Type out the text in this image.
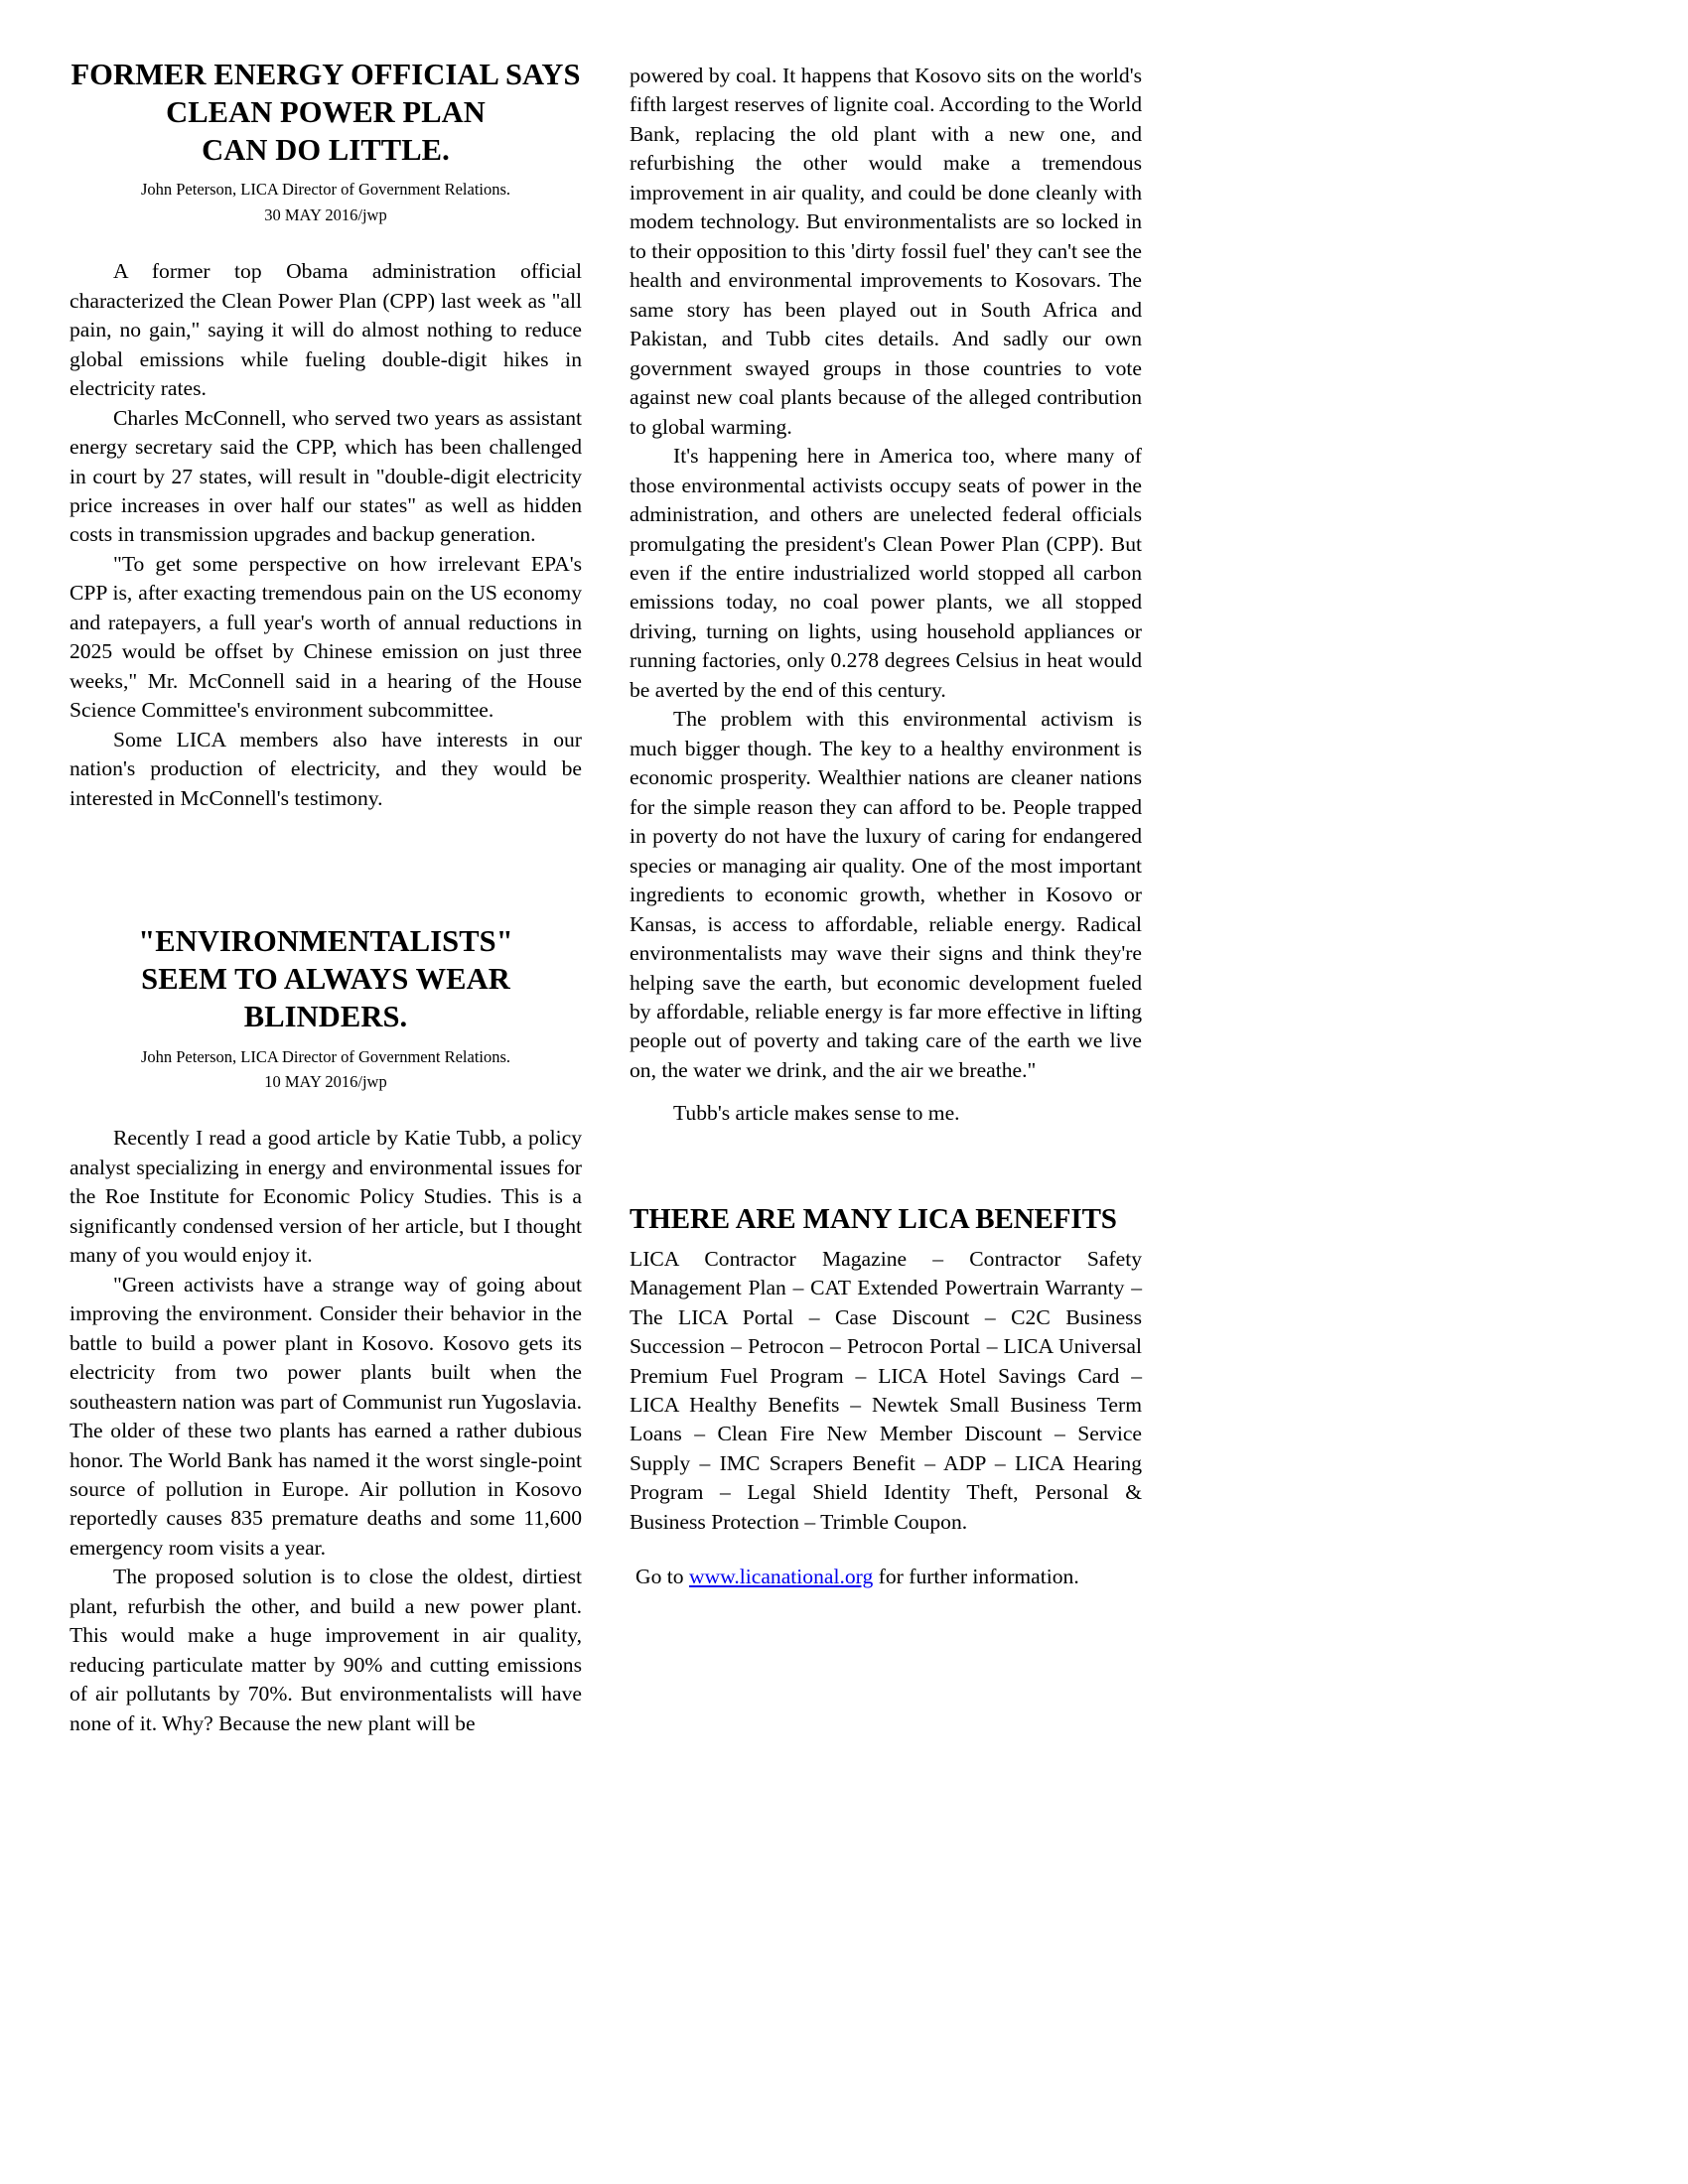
FORMER ENERGY OFFICIAL SAYS
CLEAN POWER PLAN
CAN DO LITTLE.
John Peterson, LICA Director of Government Relations.
30 MAY 2016/jwp

A former top Obama administration official characterized the Clean Power Plan (CPP) last week as "all pain, no gain," saying it will do almost nothing to reduce global emissions while fueling double-digit hikes in electricity rates.

Charles McConnell, who served two years as assistant energy secretary said the CPP, which has been challenged in court by 27 states, will result in "double-digit electricity price increases in over half our states" as well as hidden costs in transmission upgrades and backup generation.

"To get some perspective on how irrelevant EPA's CPP is, after exacting tremendous pain on the US economy and ratepayers, a full year's worth of annual reductions in 2025 would be offset by Chinese emission on just three weeks," Mr. McConnell said in a hearing of the House Science Committee's environment subcommittee.

Some LICA members also have interests in our nation's production of electricity, and they would be interested in McConnell's testimony.

"ENVIRONMENTALISTS"
SEEM TO ALWAYS WEAR BLINDERS.
John Peterson, LICA Director of Government Relations.
10 MAY 2016/jwp

Recently I read a good article by Katie Tubb, a policy analyst specializing in energy and environmental issues for the Roe Institute for Economic Policy Studies. This is a significantly condensed version of her article, but I thought many of you would enjoy it.

"Green activists have a strange way of going about improving the environment. Consider their behavior in the battle to build a power plant in Kosovo. Kosovo gets its electricity from two power plants built when the southeastern nation was part of Communist run Yugoslavia. The older of these two plants has earned a rather dubious honor. The World Bank has named it the worst single-point source of pollution in Europe. Air pollution in Kosovo reportedly causes 835 premature deaths and some 11,600 emergency room visits a year.

The proposed solution is to close the oldest, dirtiest plant, refurbish the other, and build a new power plant. This would make a huge improvement in air quality, reducing particulate matter by 90% and cutting emissions of air pollutants by 70%. But environmentalists will have none of it. Why? Because the new plant will be

powered by coal. It happens that Kosovo sits on the world's fifth largest reserves of lignite coal. According to the World Bank, replacing the old plant with a new one, and refurbishing the other would make a tremendous improvement in air quality, and could be done cleanly with modem technology. But environmentalists are so locked in to their opposition to this 'dirty fossil fuel' they can't see the health and environmental improvements to Kosovars. The same story has been played out in South Africa and Pakistan, and Tubb cites details. And sadly our own government swayed groups in those countries to vote against new coal plants because of the alleged contribution to global warming.

It's happening here in America too, where many of those environmental activists occupy seats of power in the administration, and others are unelected federal officials promulgating the president's Clean Power Plan (CPP). But even if the entire industrialized world stopped all carbon emissions today, no coal power plants, we all stopped driving, turning on lights, using household appliances or running factories, only 0.278 degrees Celsius in heat would be averted by the end of this century.

The problem with this environmental activism is much bigger though. The key to a healthy environment is economic prosperity. Wealthier nations are cleaner nations for the simple reason they can afford to be. People trapped in poverty do not have the luxury of caring for endangered species or managing air quality. One of the most important ingredients to economic growth, whether in Kosovo or Kansas, is access to affordable, reliable energy. Radical environmentalists may wave their signs and think they're helping save the earth, but economic development fueled by affordable, reliable energy is far more effective in lifting people out of poverty and taking care of the earth we live on, the water we drink, and the air we breathe."

Tubb's article makes sense to me.

THERE ARE MANY LICA BENEFITS

LICA Contractor Magazine – Contractor Safety Management Plan – CAT Extended Powertrain Warranty – The LICA Portal – Case Discount – C2C Business Succession – Petrocon – Petrocon Portal – LICA Universal Premium Fuel Program – LICA Hotel Savings Card – LICA Healthy Benefits – Newtek Small Business Term Loans – Clean Fire New Member Discount – Service Supply – IMC Scrapers Benefit – ADP – LICA Hearing Program – Legal Shield Identity Theft, Personal & Business Protection – Trimble Coupon.

Go to www.licanational.org for further information.
